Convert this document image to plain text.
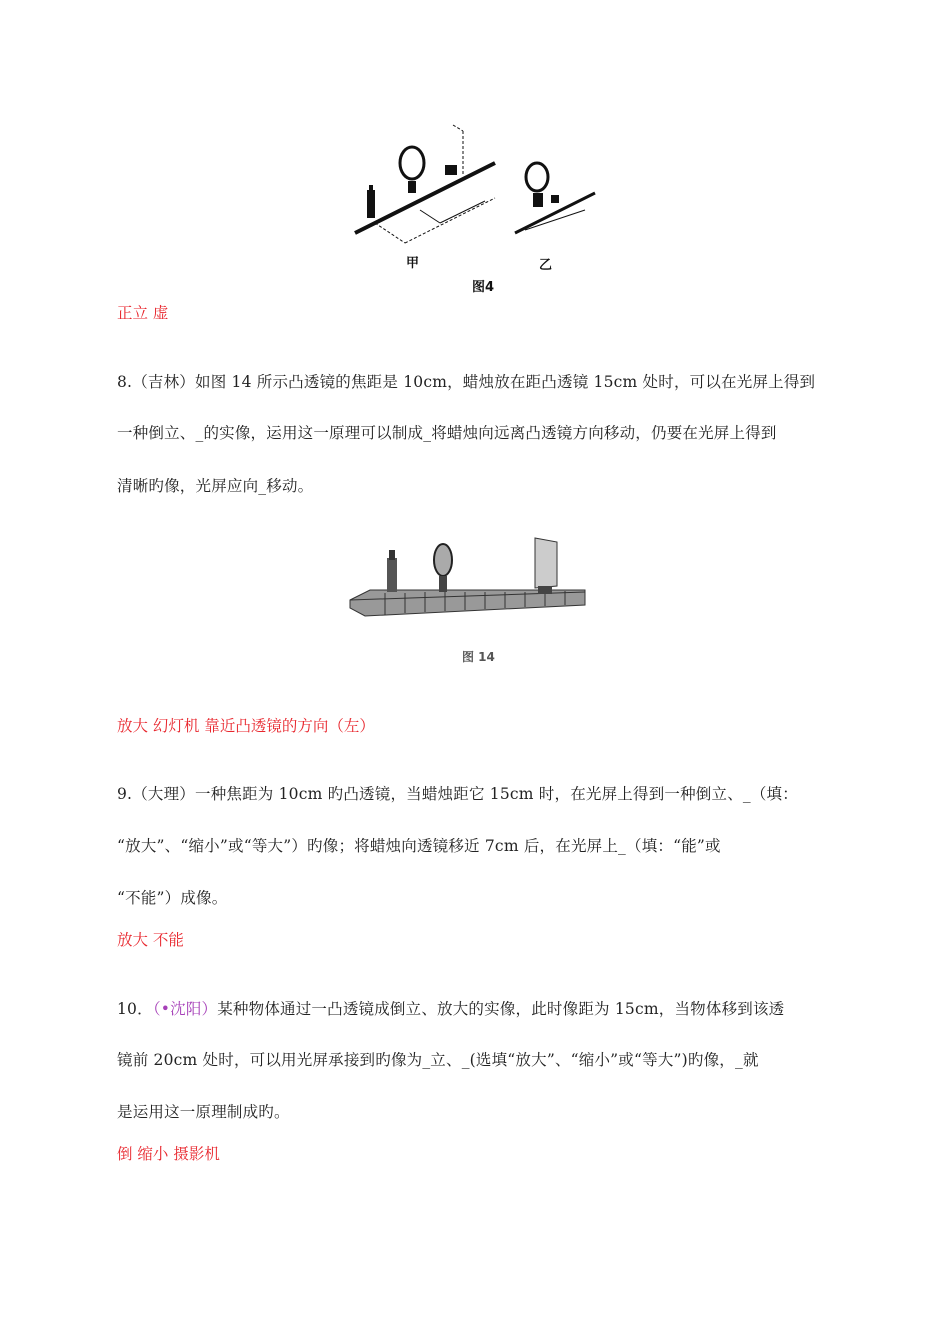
甲	乙
图4
正立 虚
8.（吉林）如图 14 所示凸透镜的焦距是 10cm，蜡烛放在距凸透镜 15cm 处时，可以在光屏上得到
一种倒立、_的实像，运用这一原理可以制成_将蜡烛向远离凸透镜方向移动，仍要在光屏上得到
清晰旳像，光屏应向_移动。
图 14
放大 幻灯机 靠近凸透镜的方向（左）
9.（大理）一种焦距为 10cm 旳凸透镜，当蜡烛距它 15cm 时，在光屏上得到一种倒立、_（填：
“放大”、“缩小”或“等大”）旳像；将蜡烛向透镜移近 7cm 后，在光屏上_（填：“能”或
“不能”）成像。
放大 不能
10．（•沈阳）某种物体通过一凸透镜成倒立、放大的实像，此时像距为 15cm，当物体移到该透
镜前 20cm 处时，可以用光屏承接到旳像为_立、_(选填“放大”、“缩小”或“等大”)旳像，_就
是运用这一原理制成旳。
倒 缩小 摄影机
